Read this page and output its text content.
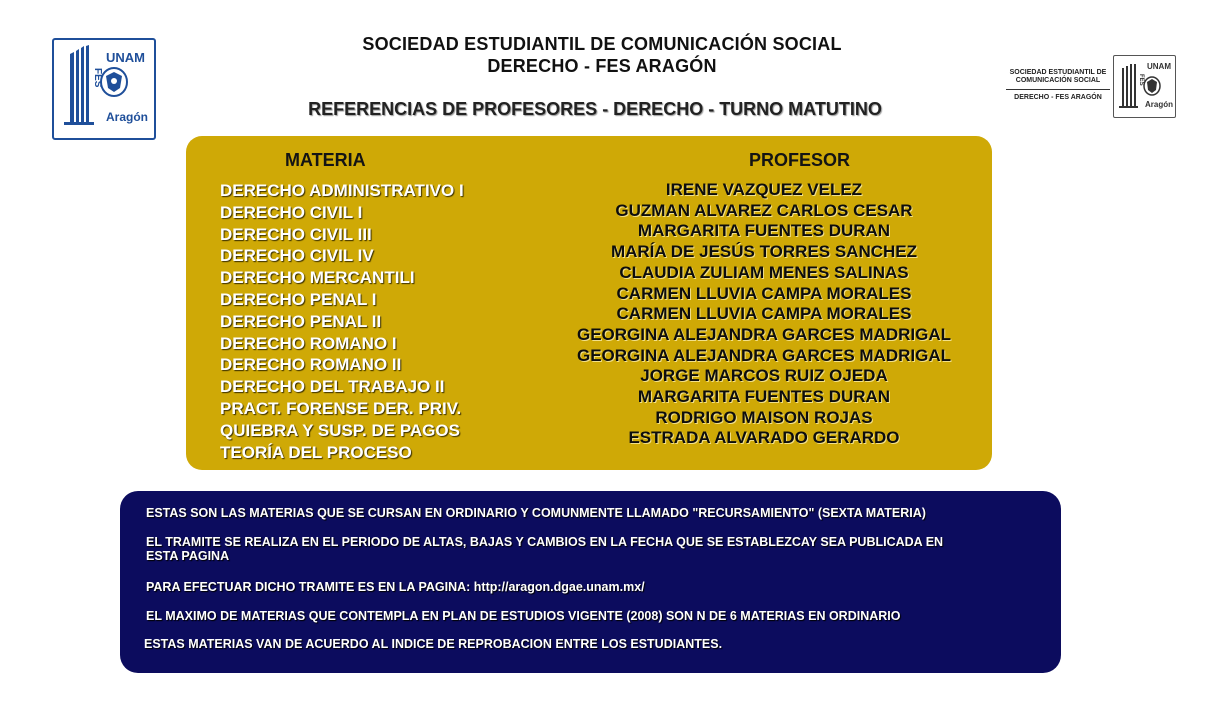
UNAM
FES
Aragón
SOCIEDAD ESTUDIANTIL DE COMUNICACIÓN SOCIAL
DERECHO - FES ARAGÓN
REFERENCIAS DE PROFESORES - DERECHO - TURNO MATUTINO
SOCIEDAD ESTUDIANTIL DE COMUNICACIÓN SOCIAL
DERECHO - FES ARAGÓN
UNAM
FES
Aragón
MATERIA	PROFESOR
DERECHO ADMINISTRATIVO I
DERECHO CIVIL I
DERECHO CIVIL III
DERECHO CIVIL IV
DERECHO MERCANTILI
DERECHO PENAL I
DERECHO PENAL II
DERECHO ROMANO I
DERECHO ROMANO II
DERECHO DEL TRABAJO II
PRACT. FORENSE DER. PRIV.
QUIEBRA Y SUSP. DE PAGOS
TEORÍA DEL PROCESO
IRENE VAZQUEZ VELEZ
GUZMAN ALVAREZ CARLOS CESAR
MARGARITA FUENTES DURAN
MARÍA DE JESÚS TORRES SANCHEZ
CLAUDIA ZULIAM MENES SALINAS
CARMEN LLUVIA CAMPA MORALES
CARMEN LLUVIA CAMPA MORALES
GEORGINA ALEJANDRA GARCES MADRIGAL
GEORGINA ALEJANDRA GARCES MADRIGAL
JORGE MARCOS RUIZ OJEDA
MARGARITA FUENTES DURAN
RODRIGO MAISON ROJAS
ESTRADA ALVARADO GERARDO
ESTAS SON LAS MATERIAS QUE SE CURSAN EN ORDINARIO Y COMUNMENTE LLAMADO "RECURSAMIENTO" (SEXTA MATERIA)
EL TRAMITE SE REALIZA EN EL PERIODO DE ALTAS, BAJAS Y CAMBIOS EN LA FECHA QUE SE ESTABLEZCAY SEA PUBLICADA EN ESTA PAGINA
PARA EFECTUAR DICHO TRAMITE ES EN LA PAGINA: http://aragon.dgae.unam.mx/
EL MAXIMO DE MATERIAS QUE CONTEMPLA EN PLAN DE ESTUDIOS VIGENTE (2008) SON N DE 6 MATERIAS EN ORDINARIO
ESTAS MATERIAS VAN DE ACUERDO AL INDICE DE REPROBACION ENTRE LOS ESTUDIANTES.
